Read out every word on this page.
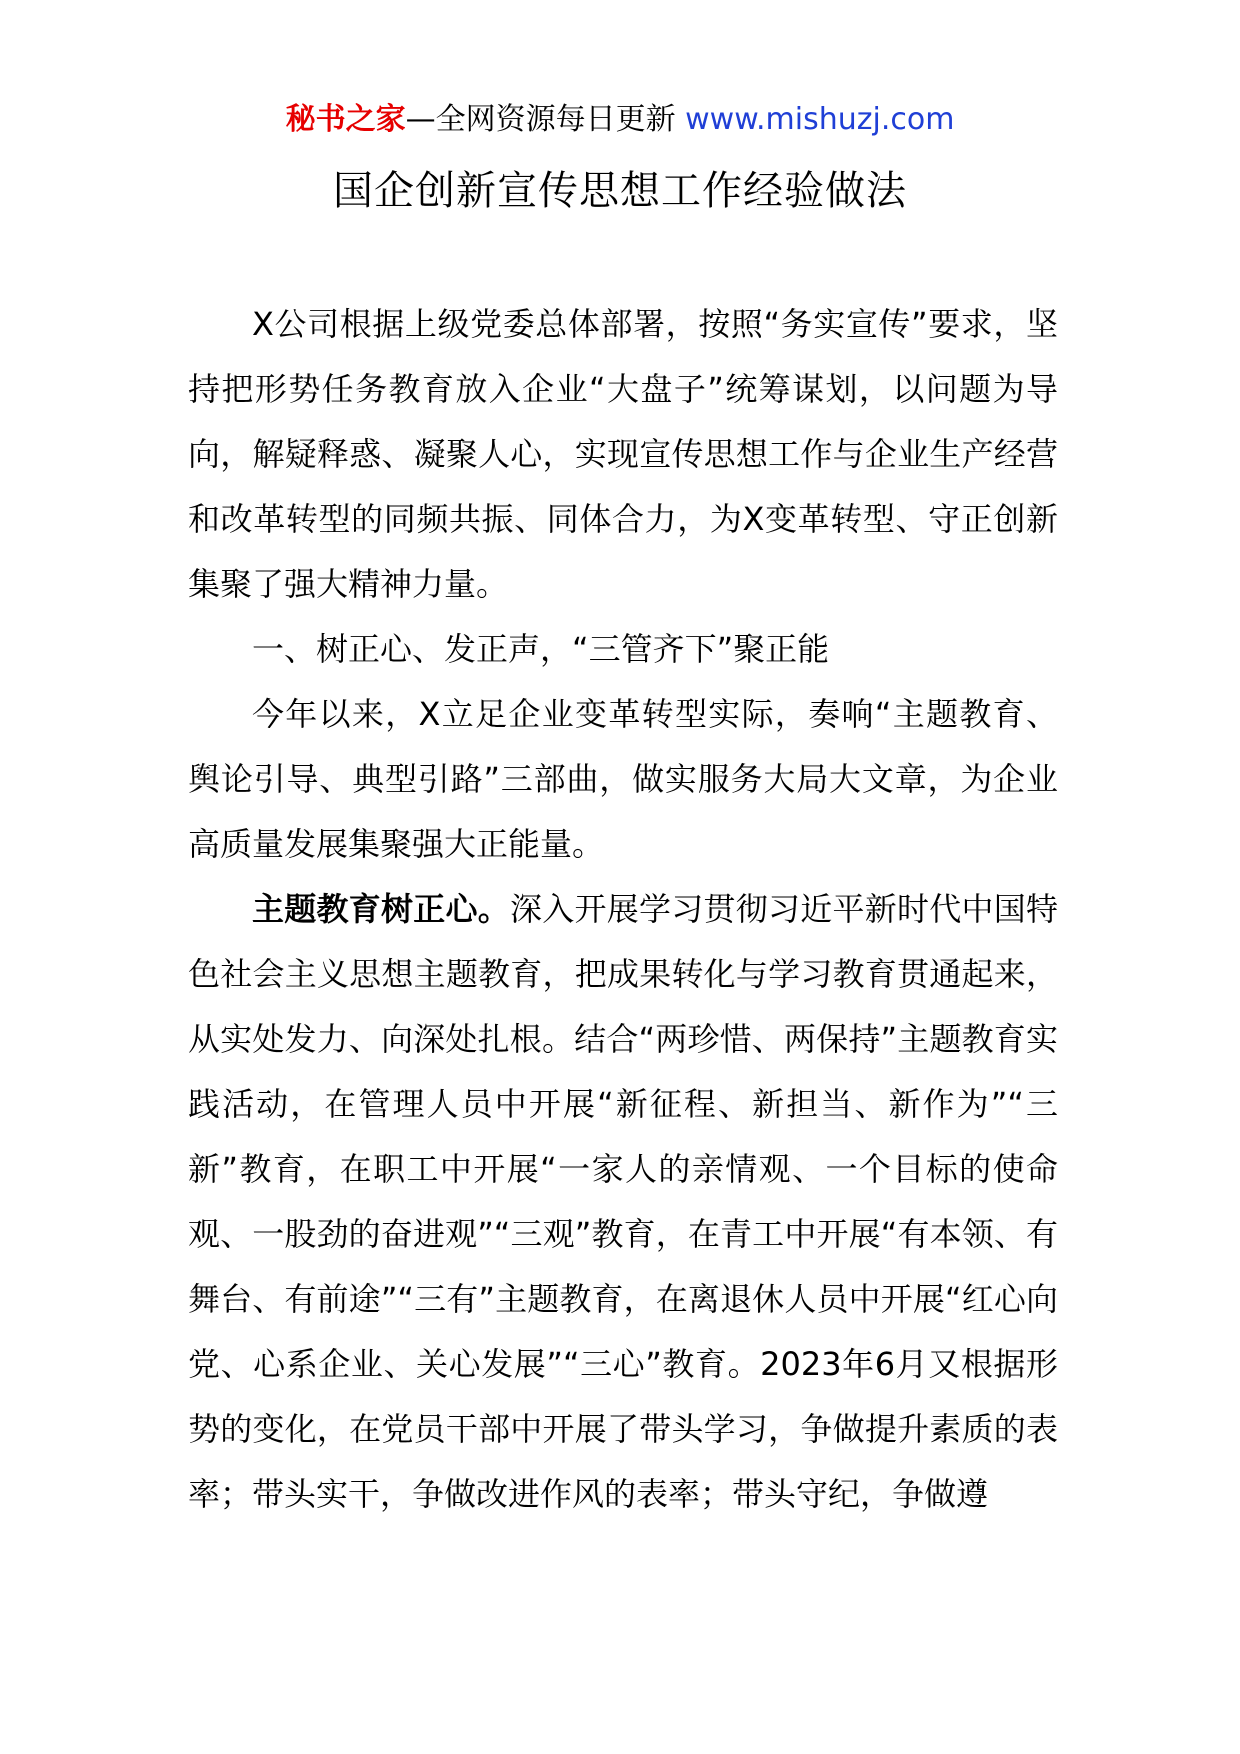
秘书之家—全网资源每日更新 www.mishuzj.com
国企创新宣传思想工作经验做法

X公司根据上级党委总体部署，按照“务实宣传”要求，坚持把形势任务教育放入企业“大盘子”统筹谋划，以问题为导向，解疑释惑、凝聚人心，实现宣传思想工作与企业生产经营和改革转型的同频共振、同体合力，为X变革转型、守正创新集聚了强大精神力量。

一、树正心、发正声，“三管齐下”聚正能

今年以来，X立足企业变革转型实际，奏响“主题教育、舆论引导、典型引路”三部曲，做实服务大局大文章，为企业高质量发展集聚强大正能量。

主题教育树正心。深入开展学习贯彻习近平新时代中国特色社会主义思想主题教育，把成果转化与学习教育贯通起来，从实处发力、向深处扎根。结合“两珍惜、两保持”主题教育实践活动，在管理人员中开展“新征程、新担当、新作为”“三新”教育，在职工中开展“一家人的亲情观、一个目标的使命观、一股劲的奋进观”“三观”教育，在青工中开展“有本领、有舞台、有前途”“三有”主题教育，在离退休人员中开展“红心向党、心系企业、关心发展”“三心”教育。2023年6月又根据形势的变化，在党员干部中开展了带头学习，争做提升素质的表率；带头实干，争做改进作风的表率；带头守纪，争做遵
